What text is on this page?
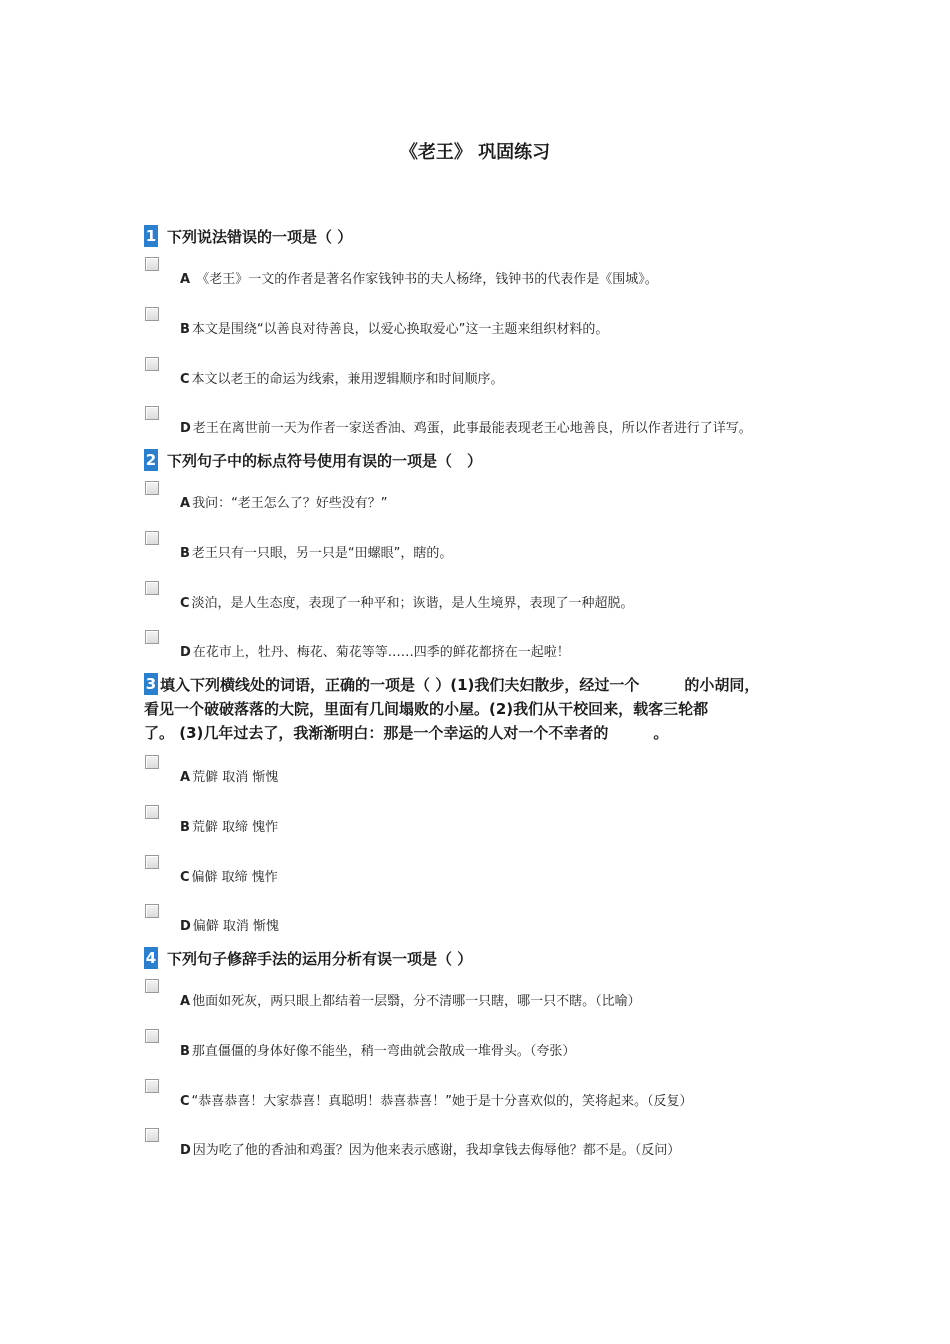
《老王》 巩固练习
1 下列说法错误的一项是（ ）
A 《老王》一文的作者是著名作家钱钟书的夫人杨绛，钱钟书的代表作是《围城》。
B 本文是围绕“以善良对待善良，以爱心换取爱心”这一主题来组织材料的。
C 本文以老王的命运为线索，兼用逻辑顺序和时间顺序。
D 老王在离世前一天为作者一家送香油、鸡蛋，此事最能表现老王心地善良，所以作者进行了详写。
2 下列句子中的标点符号使用有误的一项是（　）
A 我问：“老王怎么了？好些没有？”
B 老王只有一只眼，另一只是“田螺眼”，瞎的。
C 淡泊，是人生态度，表现了一种平和；诙谐，是人生境界，表现了一种超脱。
D 在花市上，牡丹、梅花、菊花等等……四季的鲜花都挤在一起啦！
3 填入下列横线处的词语，正确的一项是（ ）(1)我们夫妇散步，经过一个　　　的小胡同，
看见一个破破落落的大院，里面有几间塌败的小屋。(2)我们从干校回来，载客三轮都
了。 (3)几年过去了，我渐渐明白：那是一个幸运的人对一个不幸者的　　　。
A 荒僻 取消 惭愧
B 荒僻 取缔 愧怍
C 偏僻 取缔 愧怍
D 偏僻 取消 惭愧
4 下列句子修辞手法的运用分析有误一项是（ ）
A 他面如死灰，两只眼上都结着一层翳，分不清哪一只瞎，哪一只不瞎。（比喻）
B 那直僵僵的身体好像不能坐，稍一弯曲就会散成一堆骨头。（夸张）
C “恭喜恭喜！大家恭喜！真聪明！恭喜恭喜！”她于是十分喜欢似的，笑将起来。（反复）
D 因为吃了他的香油和鸡蛋？因为他来表示感谢，我却拿钱去侮辱他？都不是。（反问）
